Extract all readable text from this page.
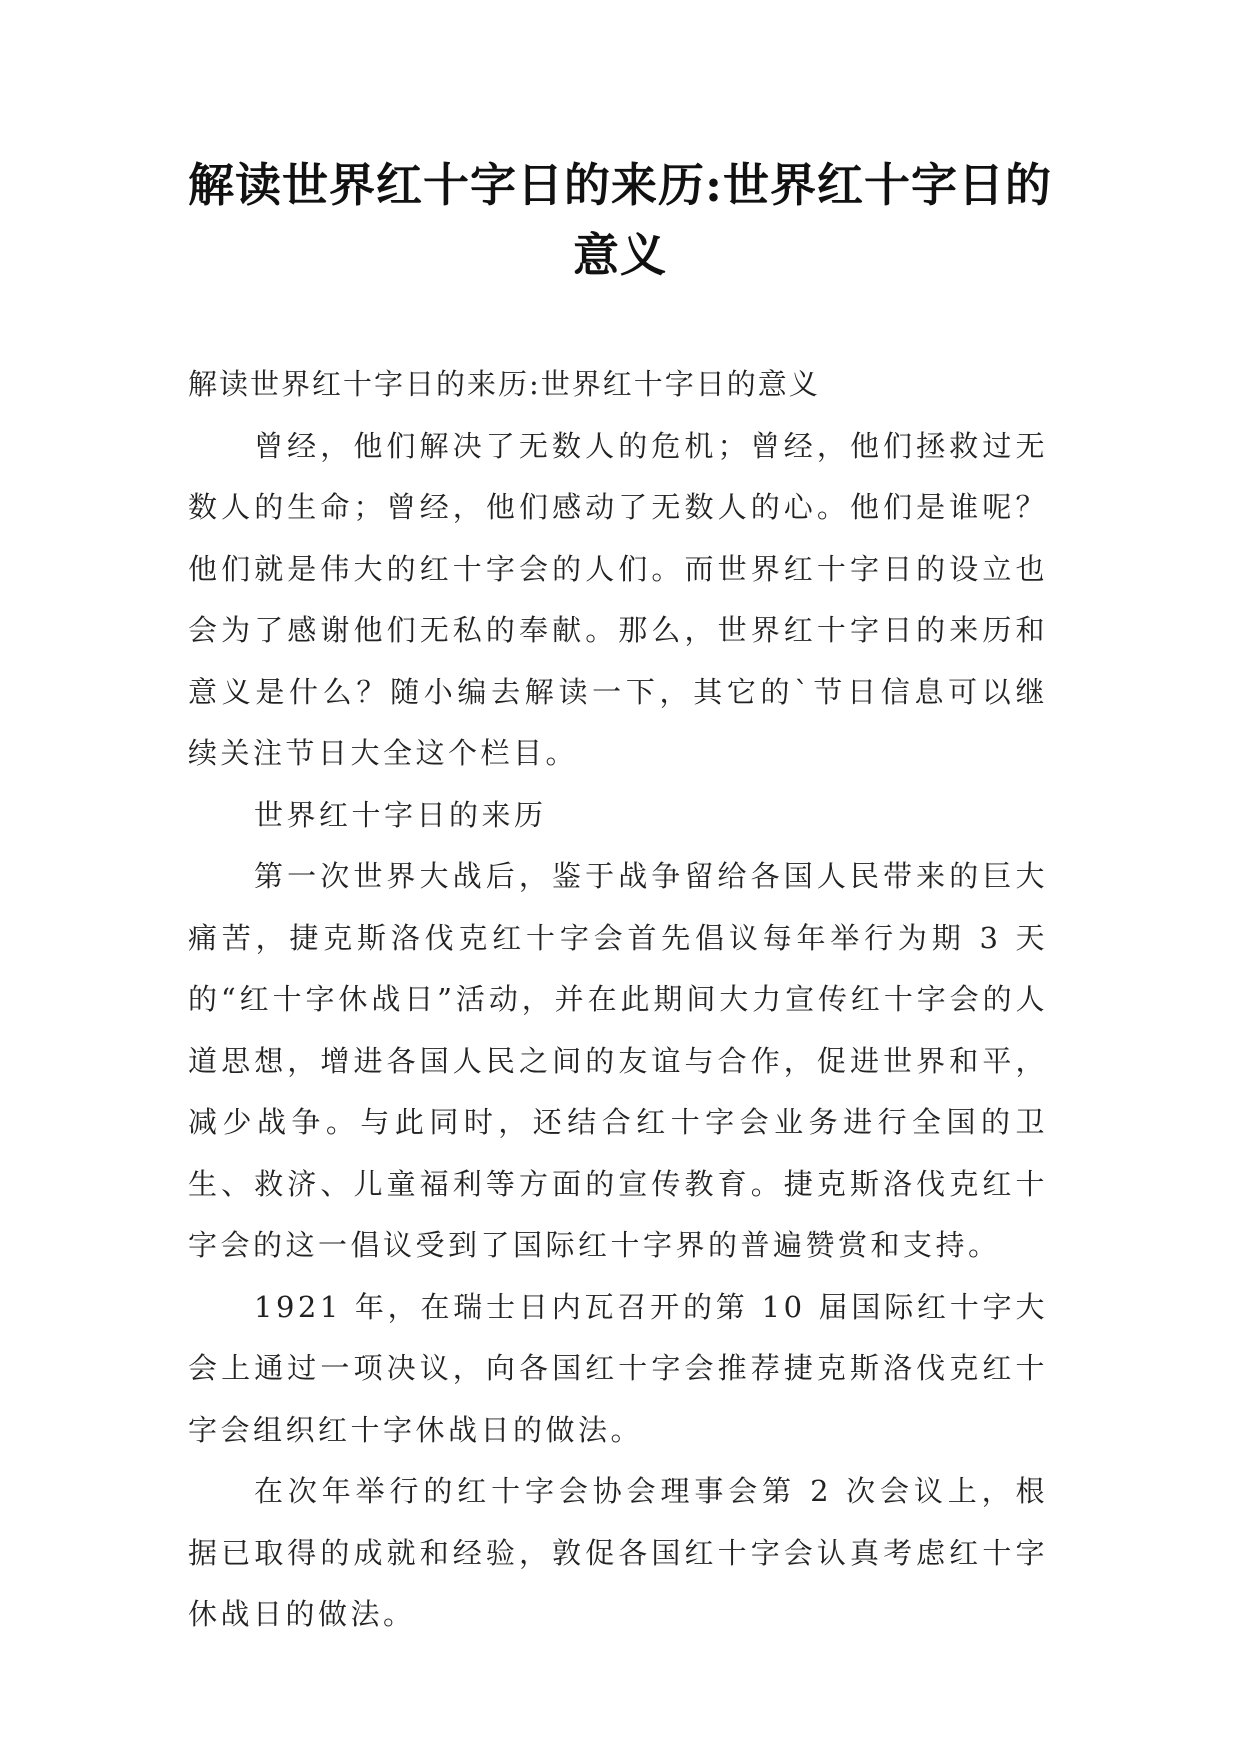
解读世界红十字日的来历:世界红十字日的
意义

解读世界红十字日的来历:世界红十字日的意义

曾经，他们解决了无数人的危机；曾经，他们拯救过无数人的生命；曾经，他们感动了无数人的心。他们是谁呢？他们就是伟大的红十字会的人们。而世界红十字日的设立也会为了感谢他们无私的奉献。那么，世界红十字日的来历和意义是什么？随小编去解读一下，其它的`节日信息可以继续关注节日大全这个栏目。

世界红十字日的来历

第一次世界大战后，鉴于战争留给各国人民带来的巨大痛苦，捷克斯洛伐克红十字会首先倡议每年举行为期 3 天的“红十字休战日”活动，并在此期间大力宣传红十字会的人道思想，增进各国人民之间的友谊与合作，促进世界和平，减少战争。与此同时，还结合红十字会业务进行全国的卫生、救济、儿童福利等方面的宣传教育。捷克斯洛伐克红十字会的这一倡议受到了国际红十字界的普遍赞赏和支持。

1921 年，在瑞士日内瓦召开的第 10 届国际红十字大会上通过一项决议，向各国红十字会推荐捷克斯洛伐克红十字会组织红十字休战日的做法。

在次年举行的红十字会协会理事会第 2 次会议上，根据已取得的成就和经验，敦促各国红十字会认真考虑红十字休战日的做法。
